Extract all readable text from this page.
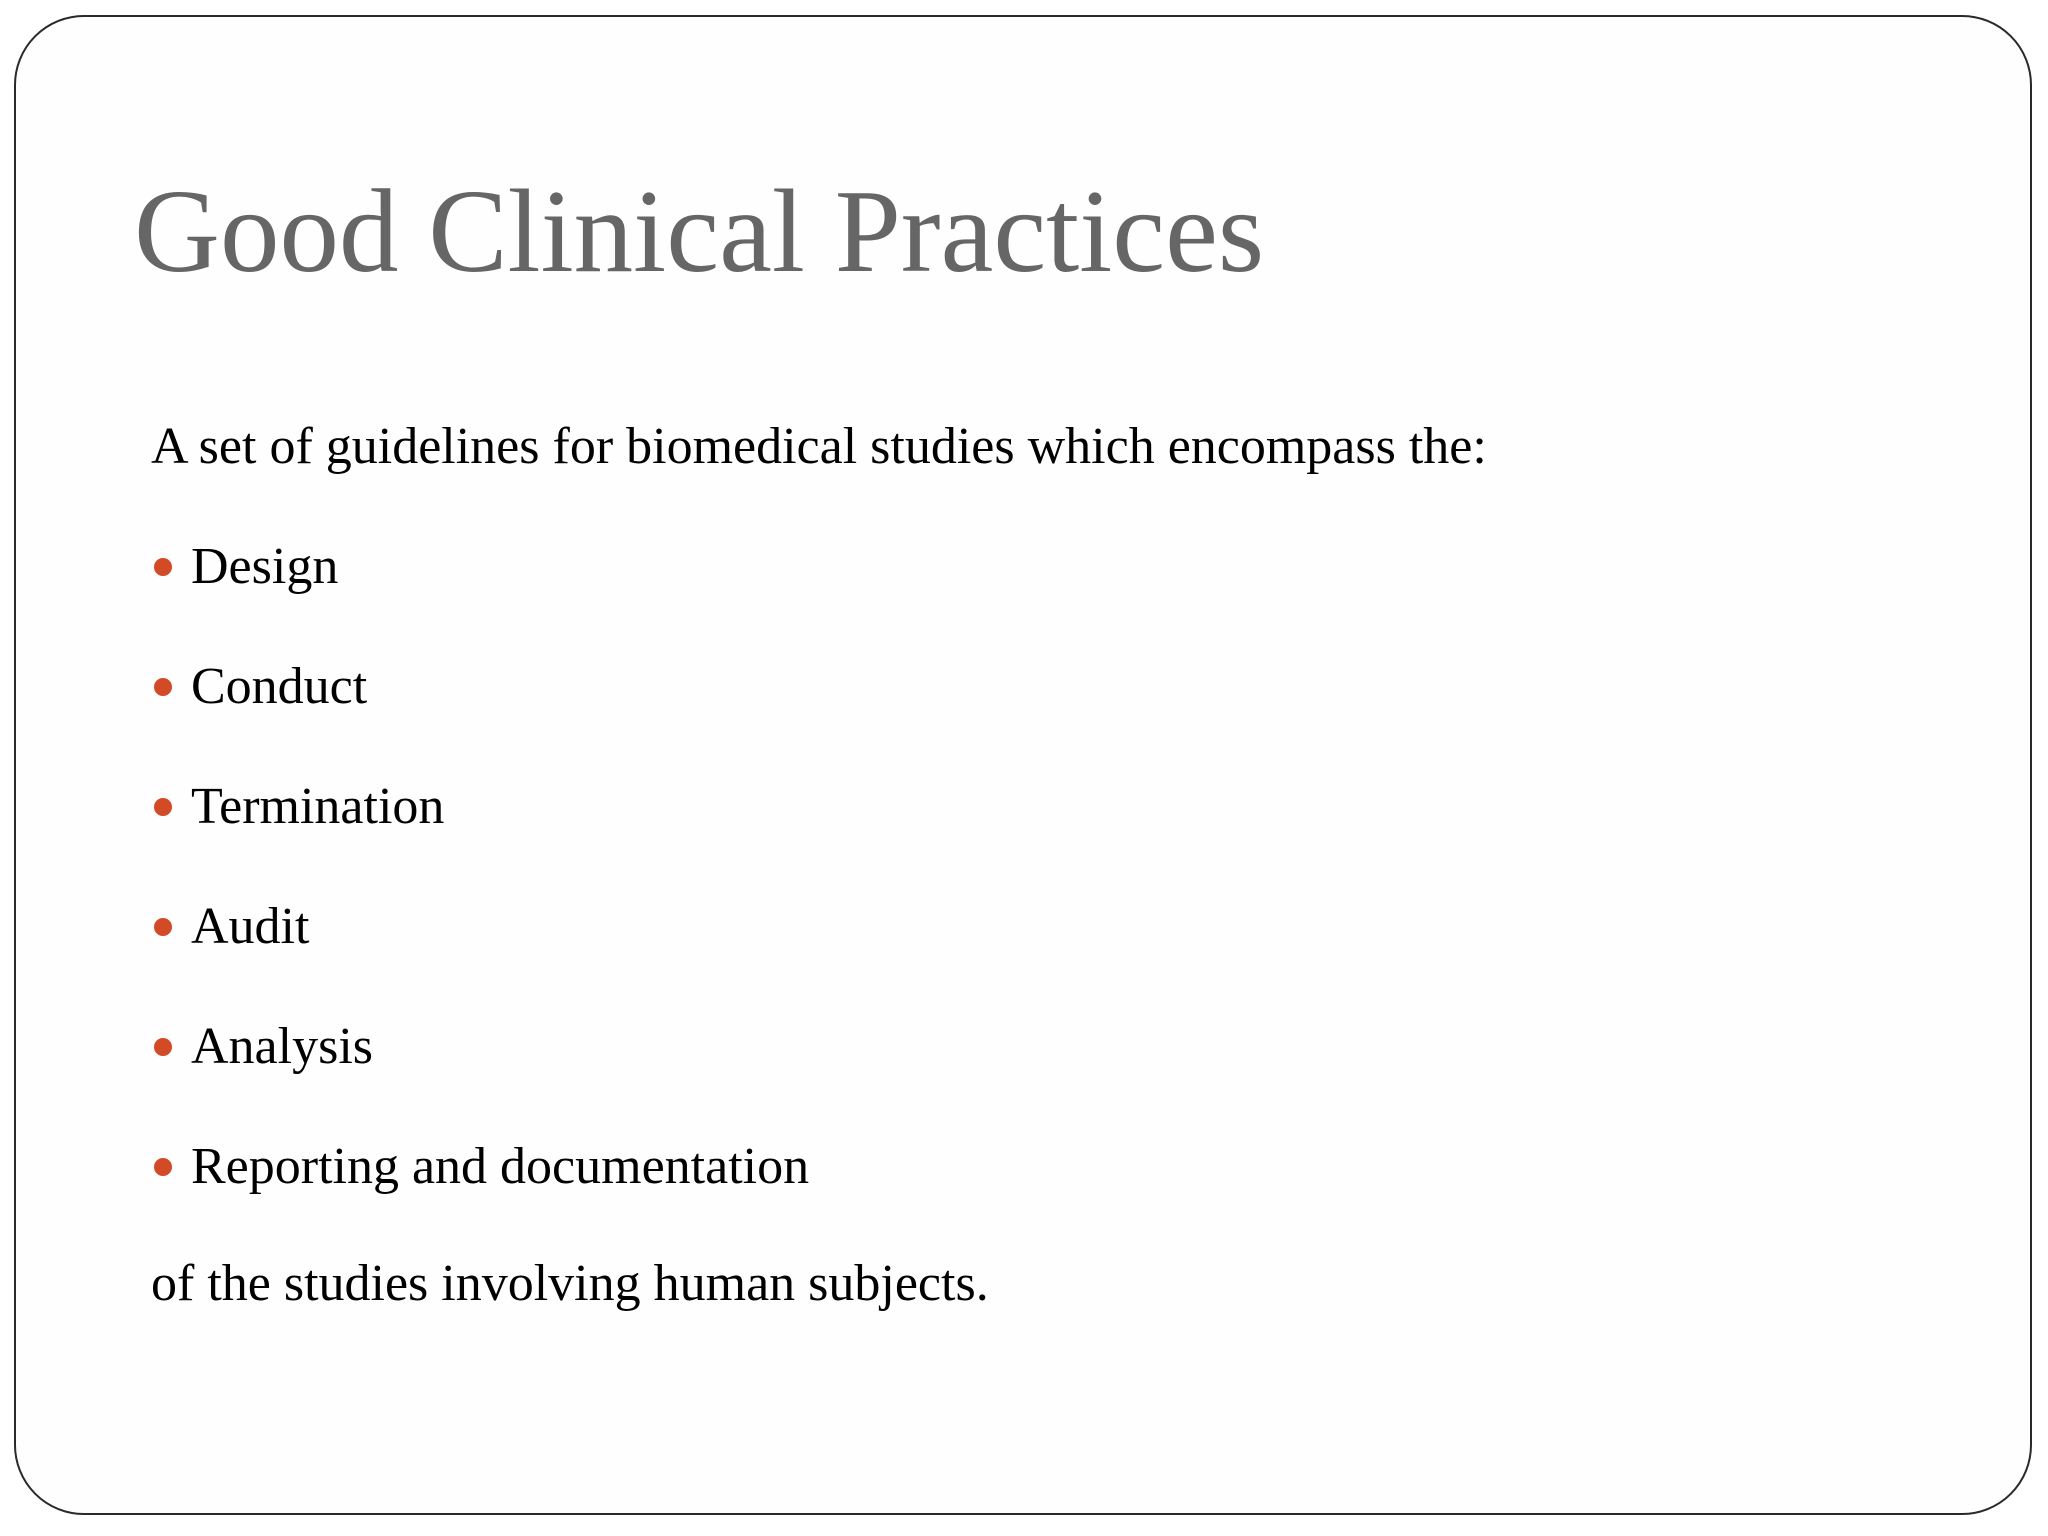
Good Clinical Practices

A set of guidelines for biomedical studies which encompass the:

Design
Conduct
Termination
Audit
Analysis
Reporting and documentation

of the studies involving human subjects.
